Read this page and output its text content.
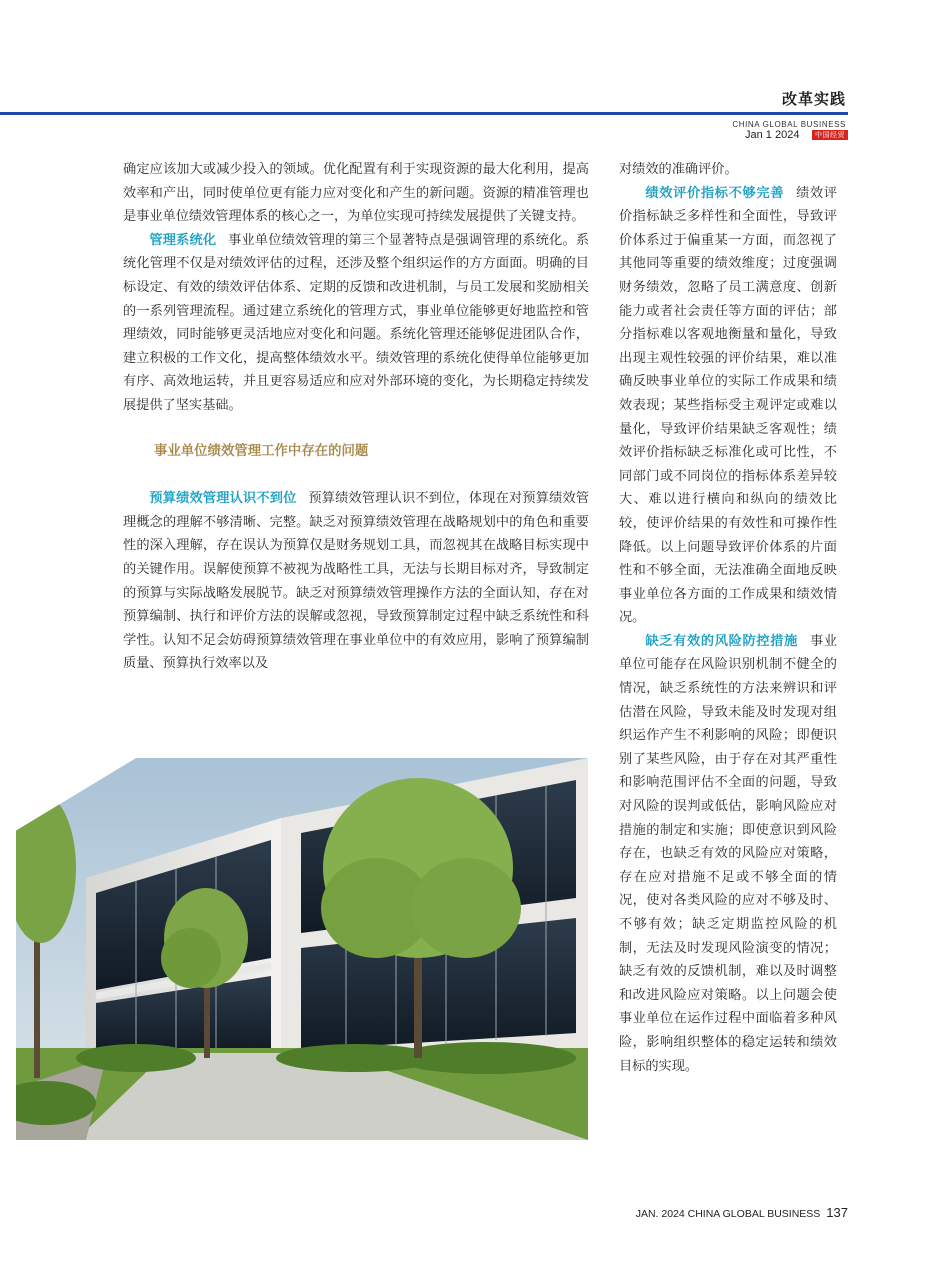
改革实践
CHINA GLOBAL BUSINESS
Jan 1 2024	中国经贸

确定应该加大或减少投入的领域。优化配置有利于实现资源的最大化利用，提高效率和产出，同时使单位更有能力应对变化和产生的新问题。资源的精准管理也是事业单位绩效管理体系的核心之一，为单位实现可持续发展提供了关键支持。

管理系统化 事业单位绩效管理的第三个显著特点是强调管理的系统化。系统化管理不仅是对绩效评估的过程，还涉及整个组织运作的方方面面。明确的目标设定、有效的绩效评估体系、定期的反馈和改进机制，与员工发展和奖励相关的一系列管理流程。通过建立系统化的管理方式，事业单位能够更好地监控和管理绩效，同时能够更灵活地应对变化和问题。系统化管理还能够促进团队合作，建立积极的工作文化，提高整体绩效水平。绩效管理的系统化使得单位能够更加有序、高效地运转，并且更容易适应和应对外部环境的变化，为长期稳定持续发展提供了坚实基础。

事业单位绩效管理工作中存在的问题

预算绩效管理认识不到位 预算绩效管理认识不到位，体现在对预算绩效管理概念的理解不够清晰、完整。缺乏对预算绩效管理在战略规划中的角色和重要性的深入理解，存在误认为预算仅是财务规划工具，而忽视其在战略目标实现中的关键作用。误解使预算不被视为战略性工具，无法与长期目标对齐，导致制定的预算与实际战略发展脱节。缺乏对预算绩效管理操作方法的全面认知，存在对预算编制、执行和评价方法的误解或忽视，导致预算制定过程中缺乏系统性和科学性。认知不足会妨碍预算绩效管理在事业单位中的有效应用，影响了预算编制质量、预算执行效率以及

对绩效的准确评价。

绩效评价指标不够完善 绩效评价指标缺乏多样性和全面性，导致评价体系过于偏重某一方面，而忽视了其他同等重要的绩效维度；过度强调财务绩效，忽略了员工满意度、创新能力或者社会责任等方面的评估；部分指标难以客观地衡量和量化，导致出现主观性较强的评价结果，难以准确反映事业单位的实际工作成果和绩效表现；某些指标受主观评定或难以量化，导致评价结果缺乏客观性；绩效评价指标缺乏标准化或可比性，不同部门或不同岗位的指标体系差异较大、难以进行横向和纵向的绩效比较，使评价结果的有效性和可操作性降低。以上问题导致评价体系的片面性和不够全面，无法准确全面地反映事业单位各方面的工作成果和绩效情况。

缺乏有效的风险防控措施 事业单位可能存在风险识别机制不健全的情况，缺乏系统性的方法来辨识和评估潜在风险，导致未能及时发现对组织运作产生不利影响的风险；即便识别了某些风险，由于存在对其严重性和影响范围评估不全面的问题，导致对风险的误判或低估，影响风险应对措施的制定和实施；即使意识到风险存在，也缺乏有效的风险应对策略，存在应对措施不足或不够全面的情况，使对各类风险的应对不够及时、不够有效；缺乏定期监控风险的机制，无法及时发现风险演变的情况；缺乏有效的反馈机制，难以及时调整和改进风险应对策略。以上问题会使事业单位在运作过程中面临着多种风险，影响组织整体的稳定运转和绩效目标的实现。

JAN. 2024 CHINA GLOBAL BUSINESS 137
